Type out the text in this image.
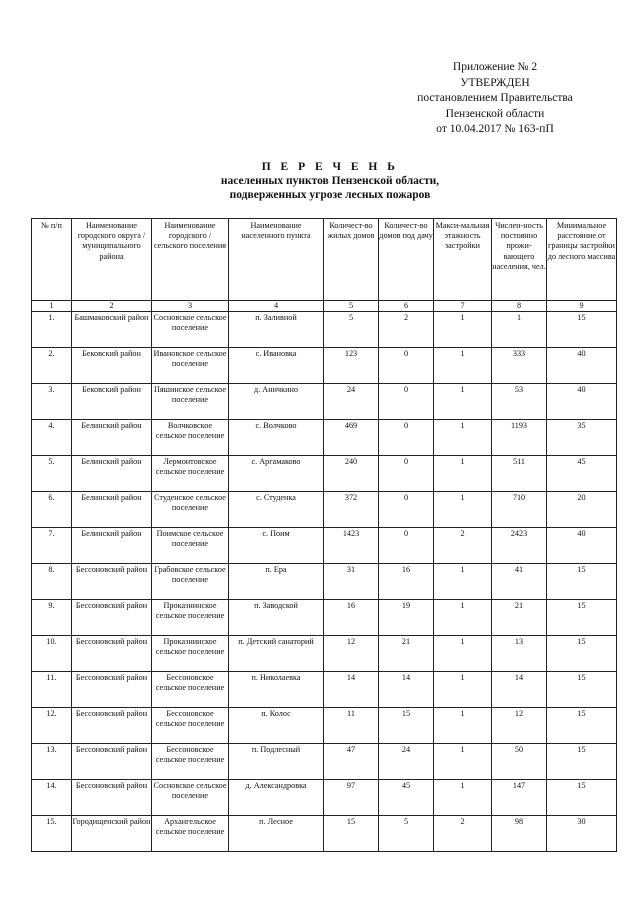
Приложение № 2
УТВЕРЖДЕН
постановлением Правительства
Пензенской области
от 10.04.2017 № 163-пП
П Е Р Е Ч Е Н Ь
населенных пунктов Пензенской области,
подверженных угрозе лесных пожаров
№ п/п	Наименование городского округа / муниципального района	Наименование городского / сельского поселения	Наименование населенного пункта	Количест-во жилых домов	Количест-во домов под дачу	Макси-мальная этажность застройки	Числен-ность постоянно прожи-вающего населения, чел.	Минимальное расстояние от границы застройки до лесного массива
1	2	3	4	5	6	7	8	9
1.	Башмаковский район	Сосновское сельское поселение	п. Заливной	5	2	1	1	15
2.	Бековский район	Ивановское сельское поселение	с. Ивановка	123	0	1	333	40
3.	Бековский район	Пяшинское сельское поселение	д. Аничкино	24	0	1	53	40
4.	Белинский район	Волчковское сельское поселение	с. Волчково	469	0	1	1193	35
5.	Белинский район	Лермонтовское сельское поселение	с. Аргамаково	240	0	1	511	45
6.	Белинский район	Студенское сельское поселение	с. Студенка	372	0	1	710	20
7.	Белинский район	Поимское сельское поселение	с. Поим	1423	0	2	2423	40
8.	Бессоновский район	Грабовское сельское поселение	п. Ера	31	16	1	41	15
9.	Бессоновский район	Проказнинское сельское поселение	п. Заводской	16	19	1	21	15
10.	Бессоновский район	Проказнинское сельское поселение	п. Детский санаторий	12	21	1	13	15
11.	Бессоновский район	Бессоновское сельское поселение	п. Николаевка	14	14	1	14	15
12.	Бессоновский район	Бессоновское сельское поселение	п. Колос	11	15	1	12	15
13.	Бессоновский район	Бессоновское сельское поселение	п. Подлесный	47	24	1	50	15
14.	Бессоновский район	Сосновское сельское поселение	д. Александровка	97	45	1	147	15
15.	Городищенский район	Архангельское сельское поселение	п. Лесное	15	5	2	98	30
